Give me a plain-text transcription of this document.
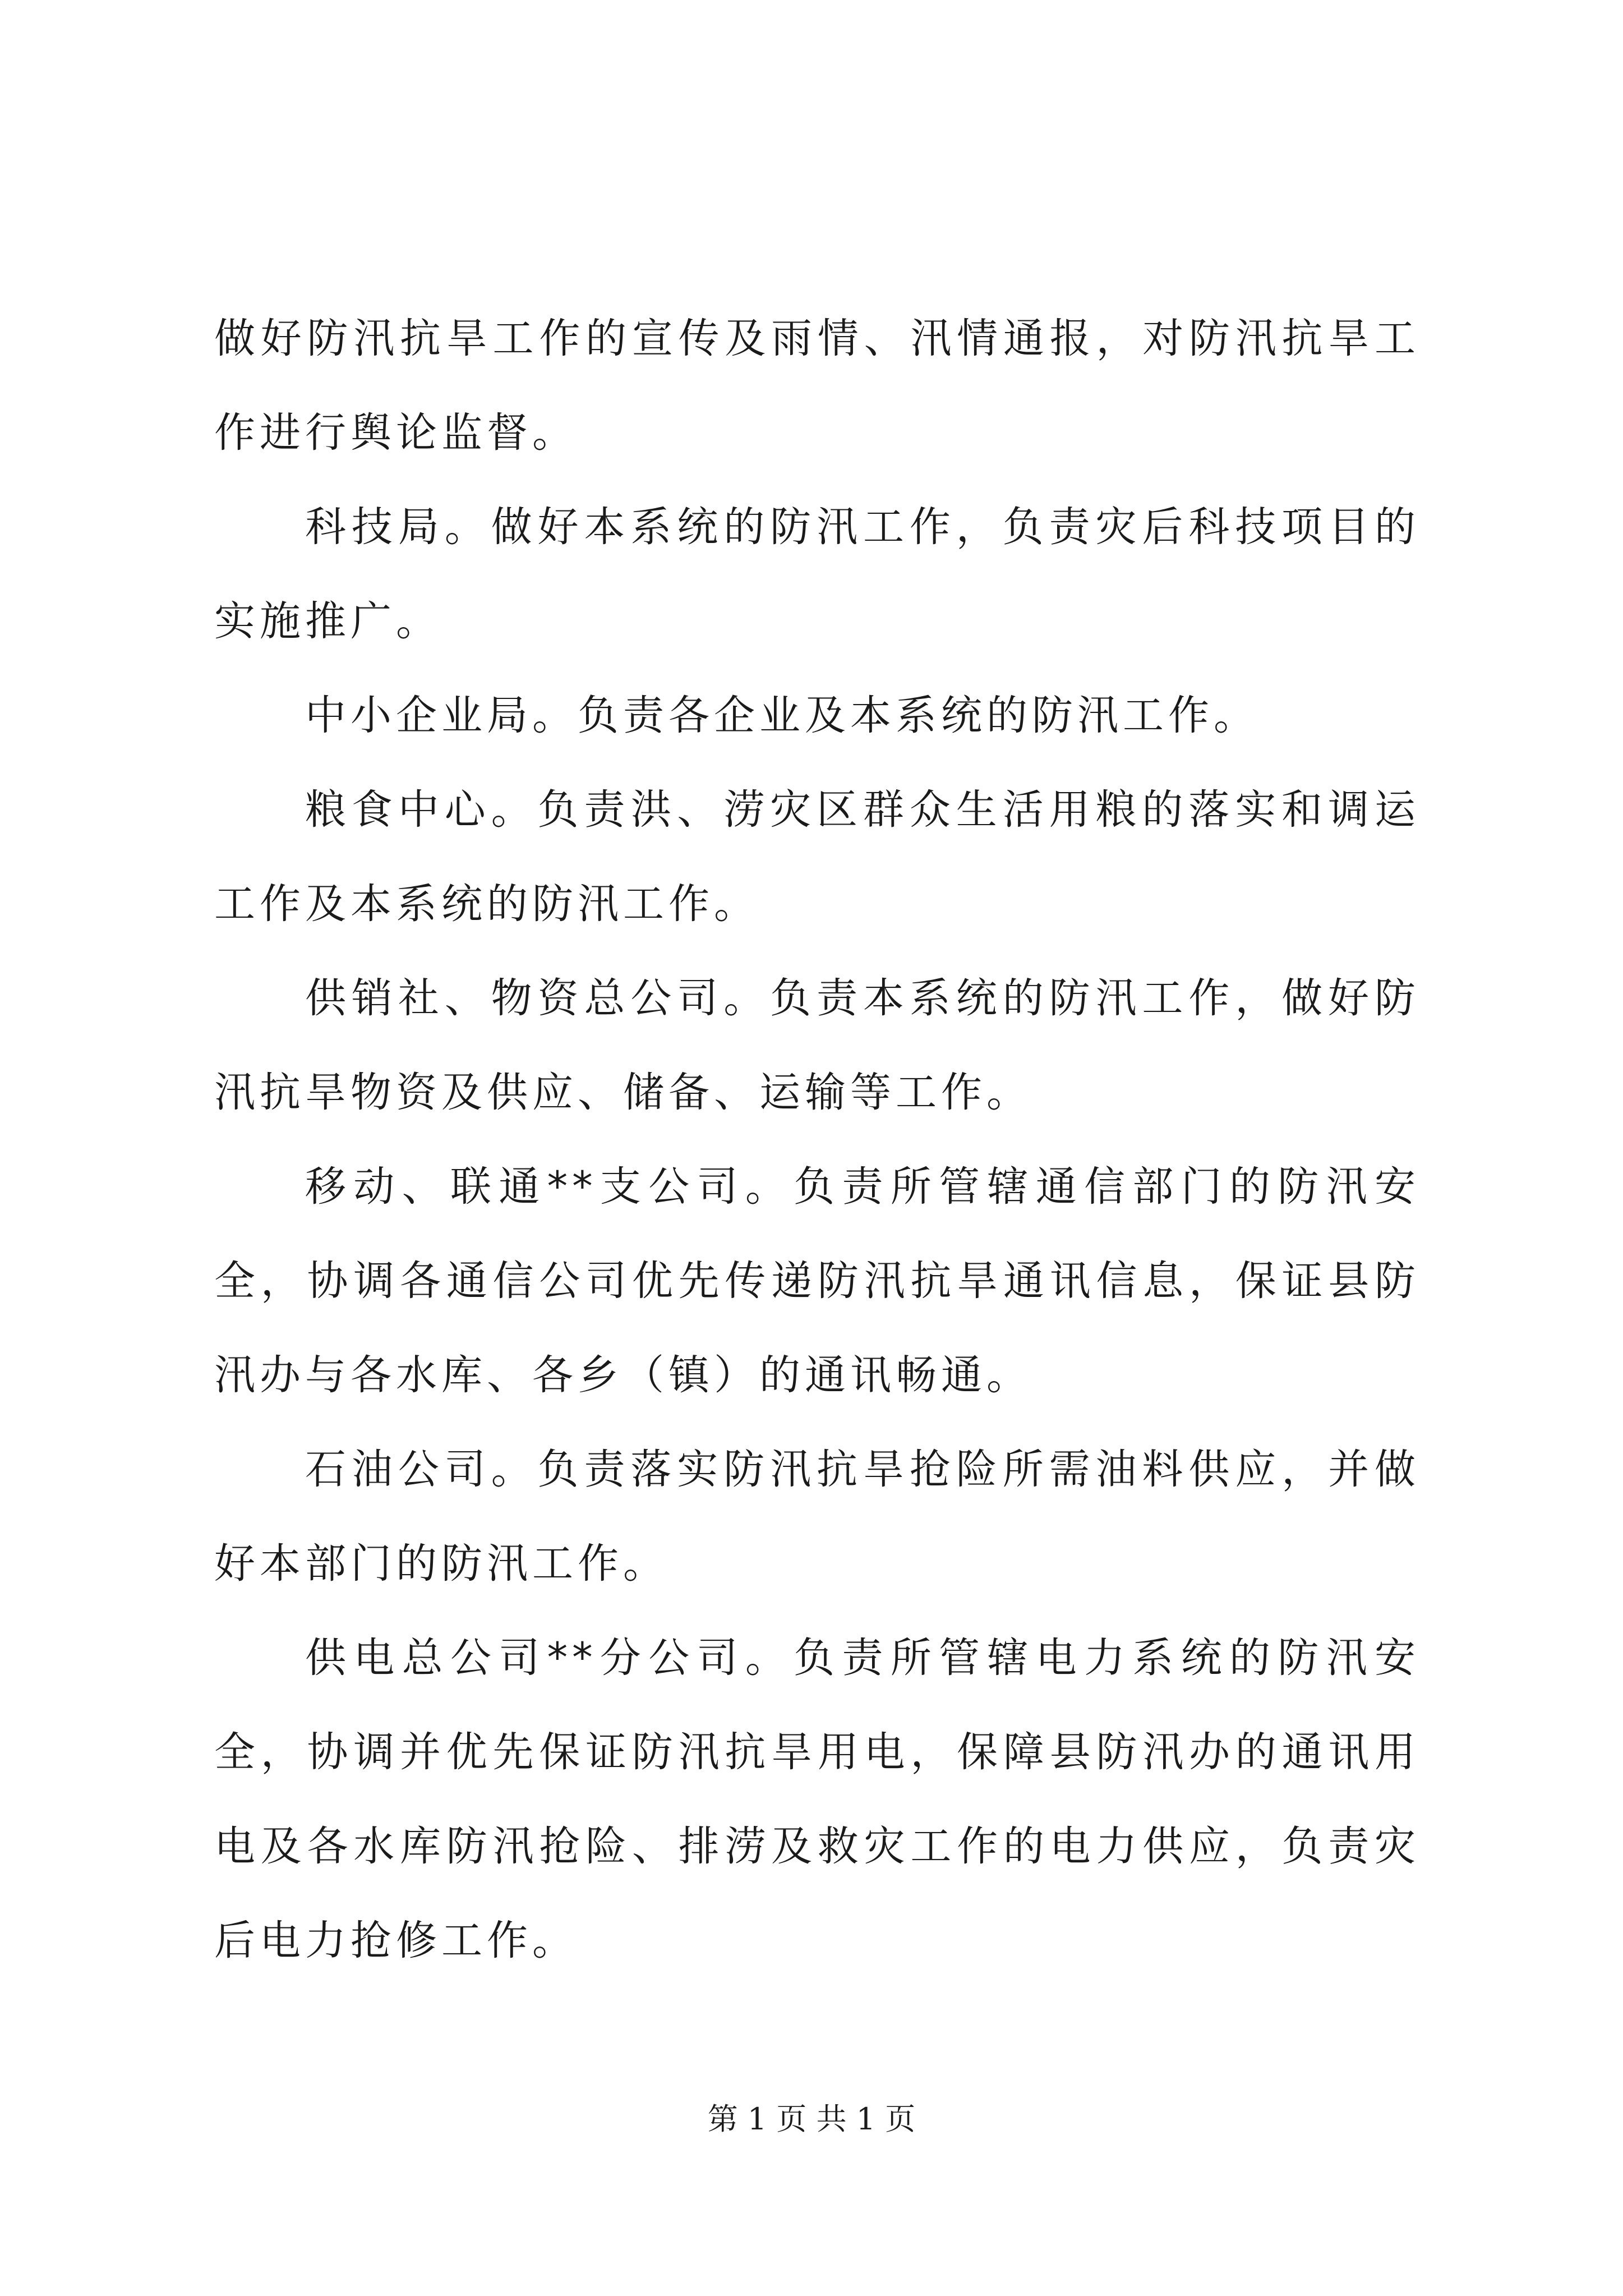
做好防汛抗旱工作的宣传及雨情、汛情通报，对防汛抗旱工作进行舆论监督。

科技局。做好本系统的防汛工作，负责灾后科技项目的实施推广。

中小企业局。负责各企业及本系统的防汛工作。

粮食中心。负责洪、涝灾区群众生活用粮的落实和调运工作及本系统的防汛工作。

供销社、物资总公司。负责本系统的防汛工作，做好防汛抗旱物资及供应、储备、运输等工作。

移动、联通**支公司。负责所管辖通信部门的防汛安全，协调各通信公司优先传递防汛抗旱通讯信息，保证县防汛办与各水库、各乡（镇）的通讯畅通。

石油公司。负责落实防汛抗旱抢险所需油料供应，并做好本部门的防汛工作。

供电总公司**分公司。负责所管辖电力系统的防汛安全，协调并优先保证防汛抗旱用电，保障县防汛办的通讯用电及各水库防汛抢险、排涝及救灾工作的电力供应，负责灾后电力抢修工作。

第 1 页 共 1 页
